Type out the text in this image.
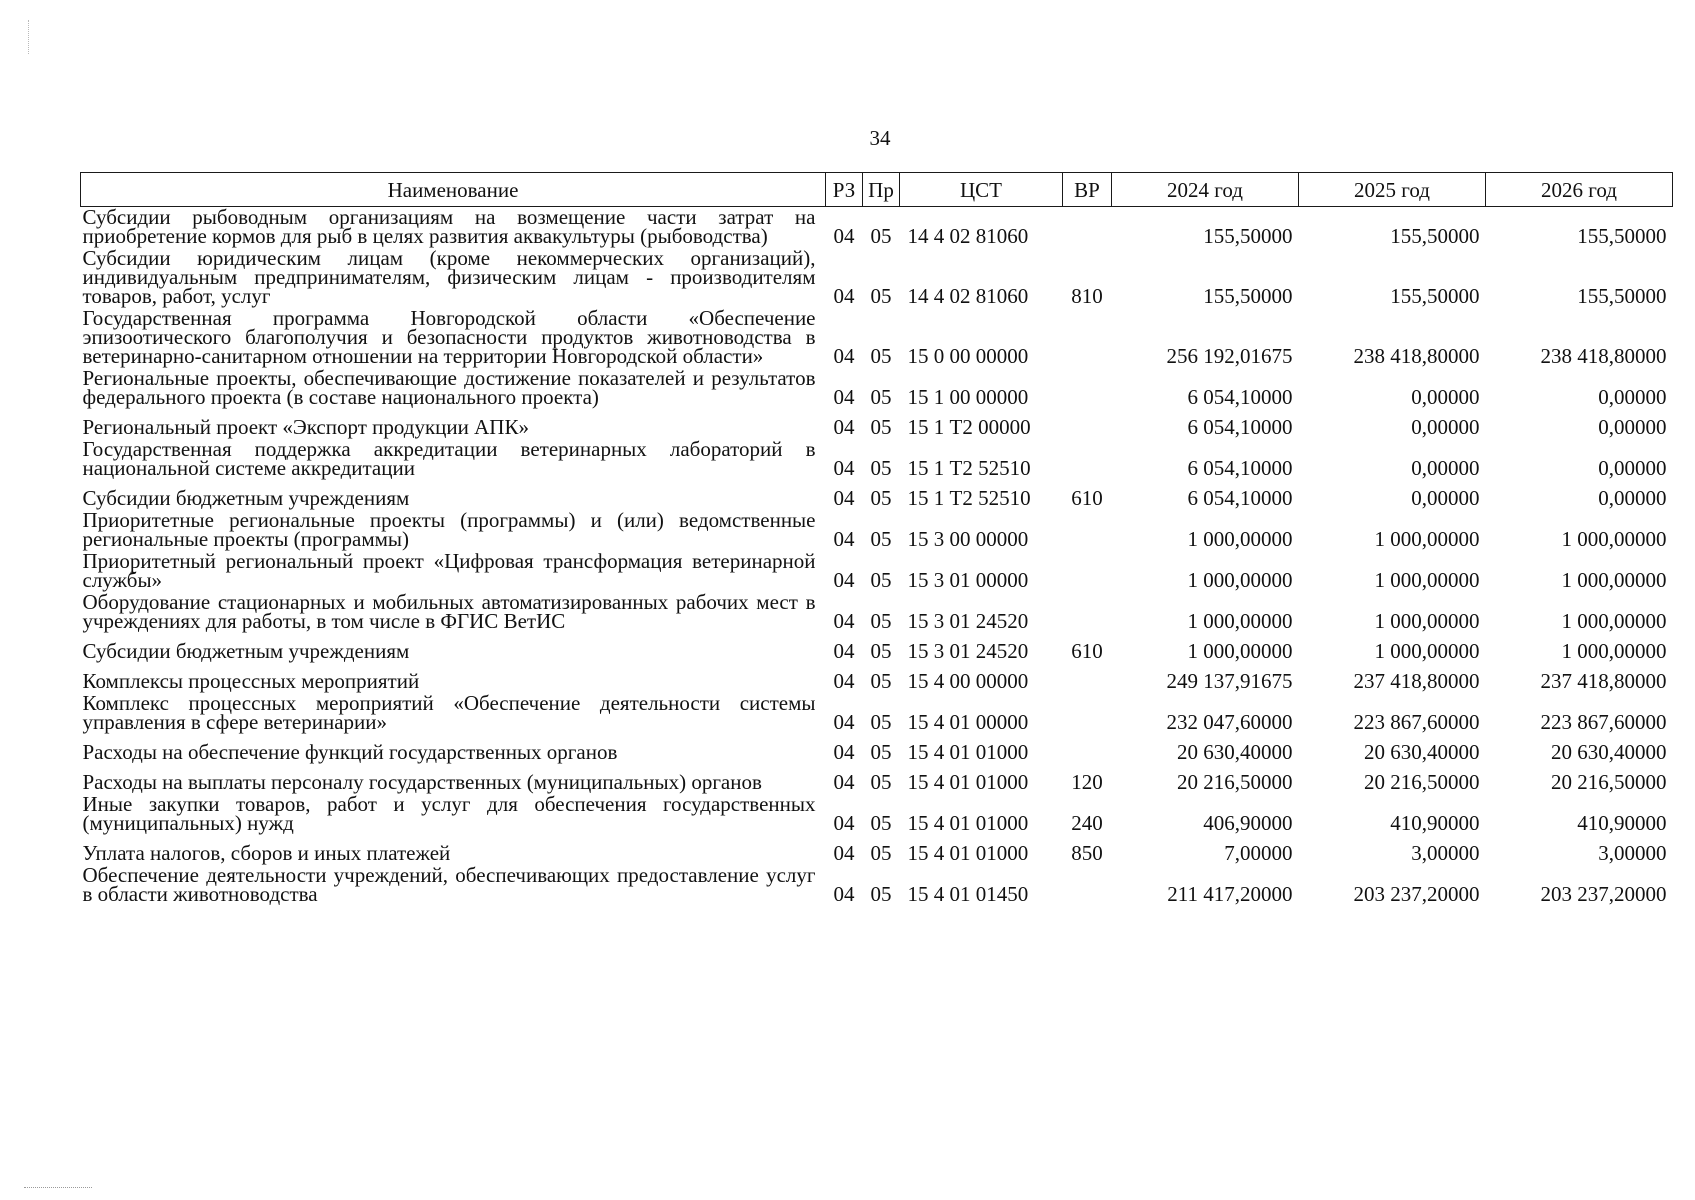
34
Наименование	РЗ	Пр	ЦСТ	ВР	2024 год	2025 год	2026 год
Субсидии рыбоводным организациям на возмещение части затрат на приобретение кормов для рыб в целях развития аквакультуры (рыбоводства)	04	05	14 4 02 81060		155,50000	155,50000	155,50000
Субсидии юридическим лицам (кроме некоммерческих организаций), индивидуальным предпринимателям, физическим лицам - производителям товаров, работ, услуг	04	05	14 4 02 81060	810	155,50000	155,50000	155,50000
Государственная программа Новгородской области «Обеспечение эпизоотического благополучия и безопасности продуктов животноводства в ветеринарно-санитарном отношении на территории Новгородской области»	04	05	15 0 00 00000		256 192,01675	238 418,80000	238 418,80000
Региональные проекты, обеспечивающие достижение показателей и результатов федерального проекта (в составе национального проекта)	04	05	15 1 00 00000		6 054,10000	0,00000	0,00000
Региональный проект «Экспорт продукции АПК»	04	05	15 1 Т2 00000		6 054,10000	0,00000	0,00000
Государственная поддержка аккредитации ветеринарных лабораторий в национальной системе аккредитации	04	05	15 1 Т2 52510		6 054,10000	0,00000	0,00000
Субсидии бюджетным учреждениям	04	05	15 1 Т2 52510	610	6 054,10000	0,00000	0,00000
Приоритетные региональные проекты (программы) и (или) ведомственные региональные проекты (программы)	04	05	15 3 00 00000		1 000,00000	1 000,00000	1 000,00000
Приоритетный региональный проект «Цифровая трансформация ветеринарной службы»	04	05	15 3 01 00000		1 000,00000	1 000,00000	1 000,00000
Оборудование стационарных и мобильных автоматизированных рабочих мест в учреждениях для работы, в том числе в ФГИС ВетИС	04	05	15 3 01 24520		1 000,00000	1 000,00000	1 000,00000
Субсидии бюджетным учреждениям	04	05	15 3 01 24520	610	1 000,00000	1 000,00000	1 000,00000
Комплексы процессных мероприятий	04	05	15 4 00 00000		249 137,91675	237 418,80000	237 418,80000
Комплекс процессных мероприятий «Обеспечение деятельности системы управления в сфере ветеринарии»	04	05	15 4 01 00000		232 047,60000	223 867,60000	223 867,60000
Расходы на обеспечение функций государственных органов	04	05	15 4 01 01000		20 630,40000	20 630,40000	20 630,40000
Расходы на выплаты персоналу государственных (муниципальных) органов	04	05	15 4 01 01000	120	20 216,50000	20 216,50000	20 216,50000
Иные закупки товаров, работ и услуг для обеспечения государственных (муниципальных) нужд	04	05	15 4 01 01000	240	406,90000	410,90000	410,90000
Уплата налогов, сборов и иных платежей	04	05	15 4 01 01000	850	7,00000	3,00000	3,00000
Обеспечение деятельности учреждений, обеспечивающих предоставление услуг в области животноводства	04	05	15 4 01 01450		211 417,20000	203 237,20000	203 237,20000
